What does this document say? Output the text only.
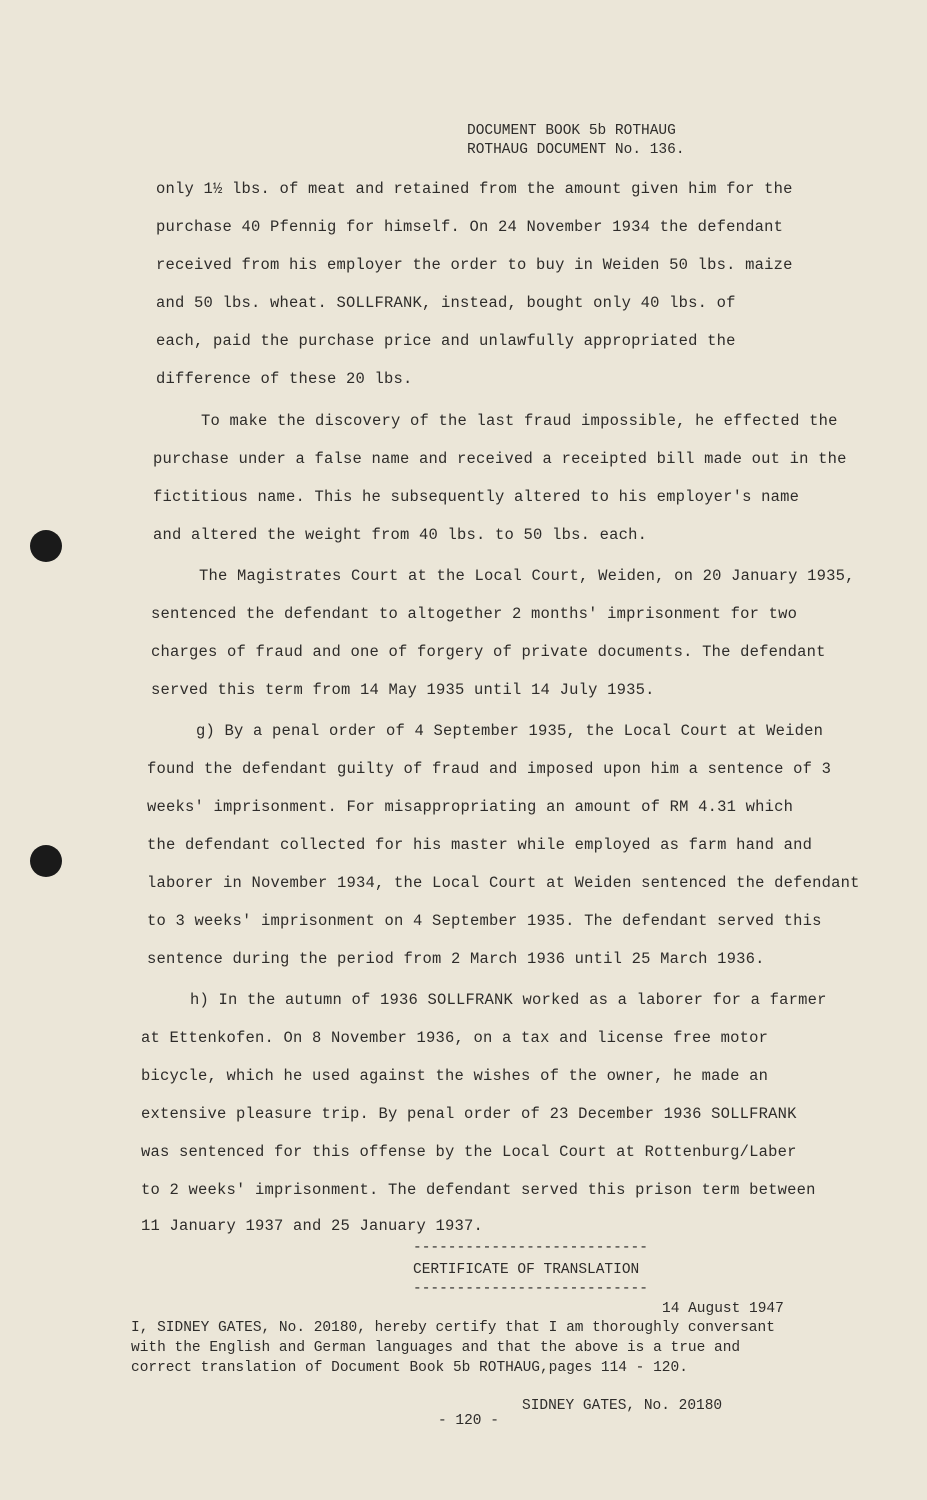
DOCUMENT BOOK 5b ROTHAUG
ROTHAUG DOCUMENT No. 136.
only 1½ lbs. of meat and retained from the amount given him for the
purchase 40 Pfennig for himself. On 24 November 1934 the defendant
received from his employer the order to buy in Weiden 50 lbs. maize
and 50 lbs. wheat. SOLLFRANK, instead, bought only 40 lbs. of
each, paid the purchase price and unlawfully appropriated the
difference of these 20 lbs.
To make the discovery of the last fraud impossible, he effected the
purchase under a false name and received a receipted bill made out in the
fictitious name. This he subsequently altered to his employer's name
and altered the weight from 40 lbs. to 50 lbs. each.
The Magistrates Court at the Local Court, Weiden, on 20 January 1935,
sentenced the defendant to altogether 2 months' imprisonment for two
charges of fraud and one of forgery of private documents. The defendant
served this term from 14 May 1935 until 14 July 1935.
g) By a penal order of 4 September 1935, the Local Court at Weiden
found the defendant guilty of fraud and imposed upon him a sentence of 3
weeks' imprisonment. For misappropriating an amount of RM 4.31 which
the defendant collected for his master while employed as farm hand and
laborer in November 1934, the Local Court at Weiden sentenced the defendant
to 3 weeks' imprisonment on 4 September 1935. The defendant served this
sentence during the period from 2 March 1936 until 25 March 1936.
h) In the autumn of 1936 SOLLFRANK worked as a laborer for a farmer
at Ettenkofen. On 8 November 1936, on a tax and license free motor
bicycle, which he used against the wishes of the owner, he made an
extensive pleasure trip. By penal order of 23 December 1936 SOLLFRANK
was sentenced for this offense by the Local Court at Rottenburg/Laber
to 2 weeks' imprisonment. The defendant served this prison term between
11 January 1937 and 25 January 1937.
---------------------------
CERTIFICATE OF TRANSLATION
---------------------------
14 August 1947
I, SIDNEY GATES, No. 20180, hereby certify that I am thoroughly conversant
with the English and German languages and that the above is a true and
correct translation of Document Book 5b ROTHAUG,pages 114 - 120.
SIDNEY GATES, No. 20180
- 120 -
